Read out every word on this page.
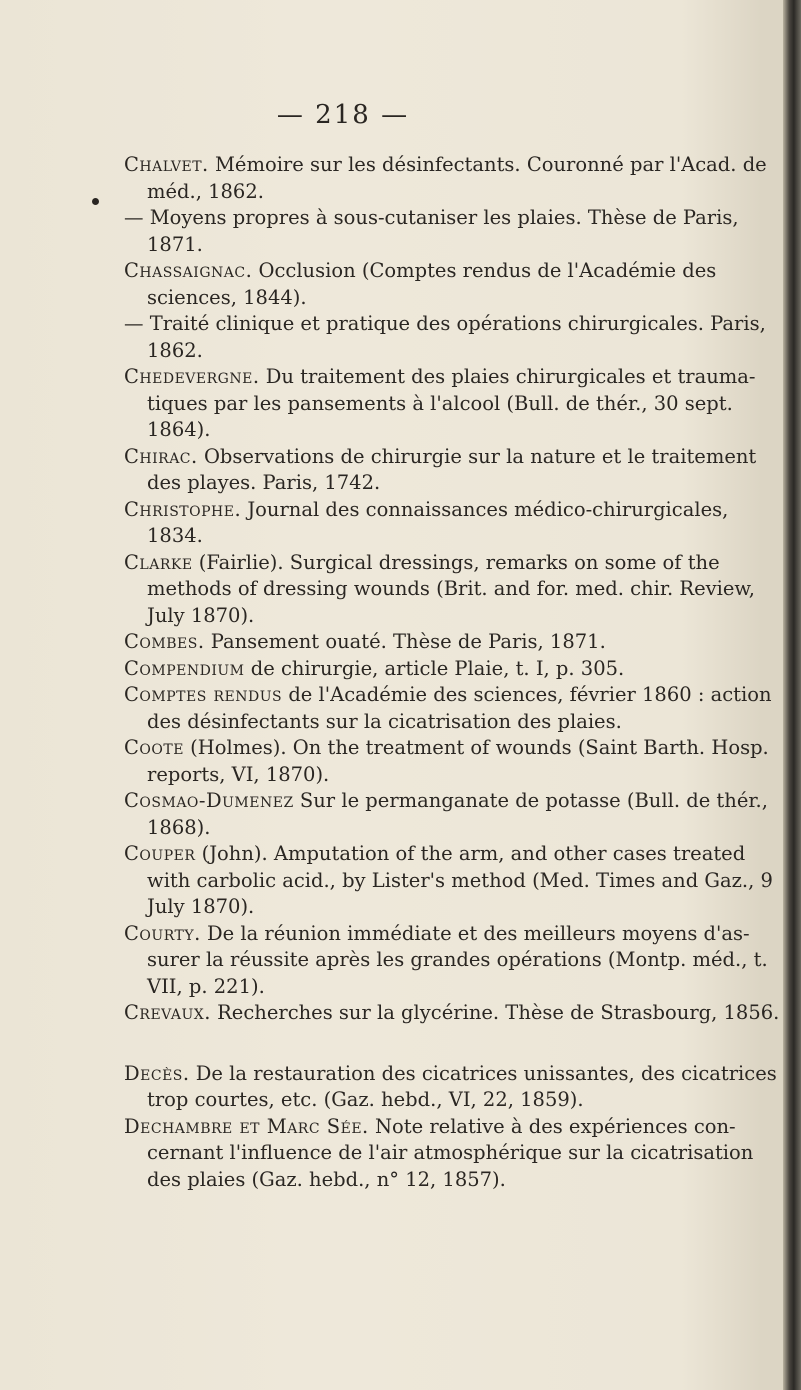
— 218 —

Chalvet. Mémoire sur les désinfectants. Couronné par l'Acad. de méd., 1862.

— Moyens propres à sous-cutaniser les plaies. Thèse de Paris, 1871.

Chassaignac. Occlusion (Comptes rendus de l'Académie des sciences, 1844).

— Traité clinique et pratique des opérations chirurgicales. Paris, 1862.

Chedevergne. Du traitement des plaies chirurgicales et trauma- tiques par les pansements à l'alcool (Bull. de thér., 30 sept. 1864).

Chirac. Observations de chirurgie sur la nature et le traitement des playes. Paris, 1742.

Christophe. Journal des connaissances médico-chirurgicales, 1834.

Clarke (Fairlie). Surgical dressings, remarks on some of the methods of dressing wounds (Brit. and for. med. chir. Review, July 1870).

Combes. Pansement ouaté. Thèse de Paris, 1871.

Compendium de chirurgie, article Plaie, t. I, p. 305.

Comptes rendus de l'Académie des sciences, février 1860 : action des désinfectants sur la cicatrisation des plaies.

Coote (Holmes). On the treatment of wounds (Saint Barth. Hosp. reports, VI, 1870).

Cosmao-Dumenez Sur le permanganate de potasse (Bull. de thér., 1868).

Couper (John). Amputation of the arm, and other cases treated with carbolic acid., by Lister's method (Med. Times and Gaz., 9 July 1870).

Courty. De la réunion immédiate et des meilleurs moyens d'as- surer la réussite après les grandes opérations (Montp. méd., t. VII, p. 221).

Crevaux. Recherches sur la glycérine. Thèse de Strasbourg, 1856.

Decès. De la restauration des cicatrices unissantes, des cicatrices trop courtes, etc. (Gaz. hebd., VI, 22, 1859).

Dechambre et Marc Sée. Note relative à des expériences con- cernant l'influence de l'air atmosphérique sur la cicatrisation des plaies (Gaz. hebd., n° 12, 1857).
